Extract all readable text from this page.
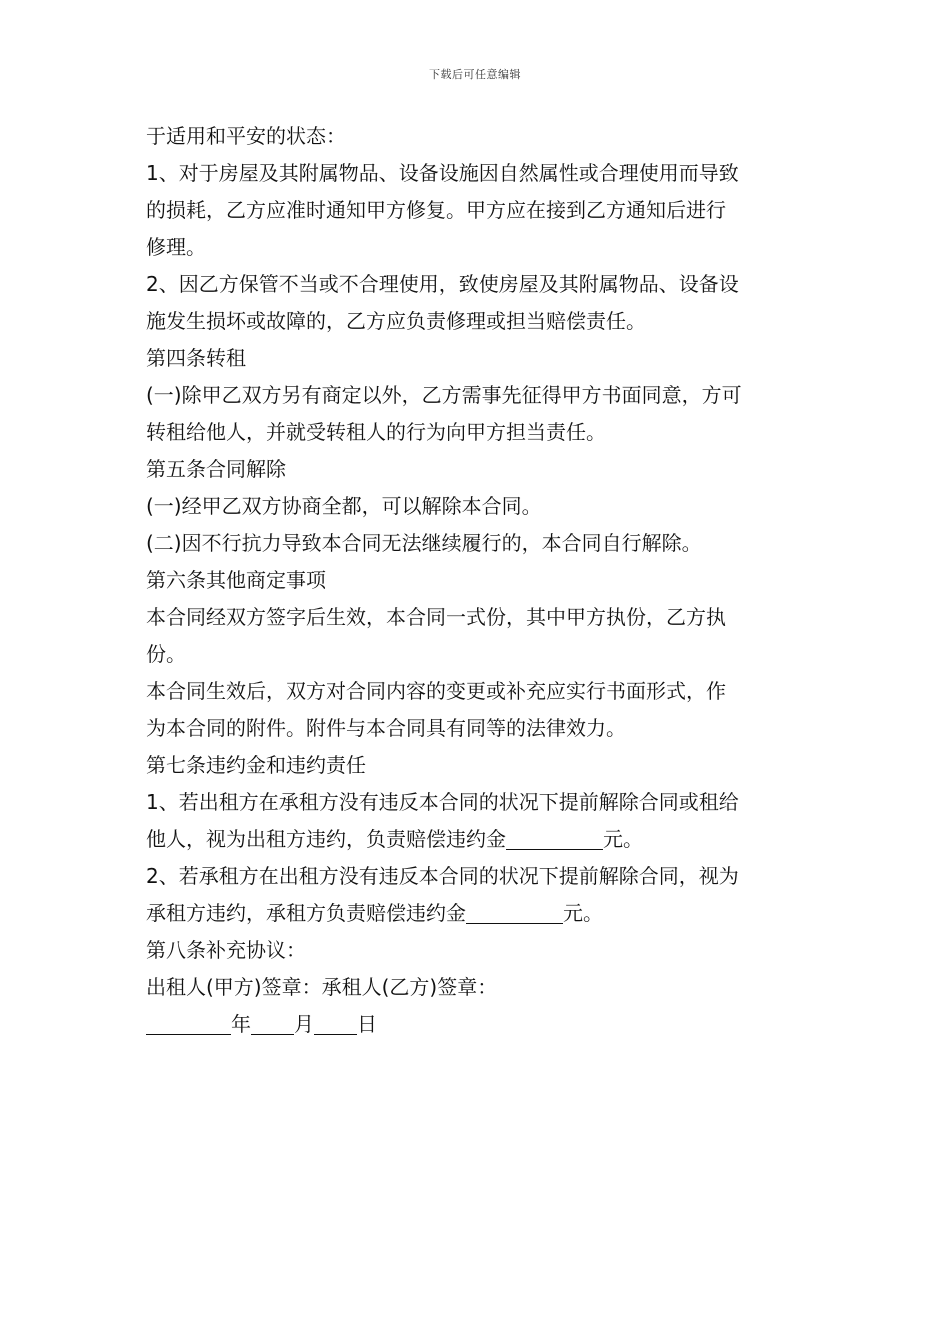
下载后可任意编辑
于适用和平安的状态：
1、对于房屋及其附属物品、设备设施因自然属性或合理使用而导致
的损耗，乙方应准时通知甲方修复。甲方应在接到乙方通知后进行
修理。
2、因乙方保管不当或不合理使用，致使房屋及其附属物品、设备设
施发生损坏或故障的，乙方应负责修理或担当赔偿责任。
第四条转租
(一)除甲乙双方另有商定以外，乙方需事先征得甲方书面同意，方可
转租给他人，并就受转租人的行为向甲方担当责任。
第五条合同解除
(一)经甲乙双方协商全都，可以解除本合同。
(二)因不行抗力导致本合同无法继续履行的，本合同自行解除。
第六条其他商定事项
本合同经双方签字后生效，本合同一式份，其中甲方执份，乙方执
份。
本合同生效后，双方对合同内容的变更或补充应实行书面形式，作
为本合同的附件。附件与本合同具有同等的法律效力。
第七条违约金和违约责任
1、若出租方在承租方没有违反本合同的状况下提前解除合同或租给
他人，视为出租方违约，负责赔偿违约金	元。
2、若承租方在出租方没有违反本合同的状况下提前解除合同，视为
承租方违约，承租方负责赔偿违约金	元。
第八条补充协议：
出租人(甲方)签章：承租人(乙方)签章：
年 月 日
